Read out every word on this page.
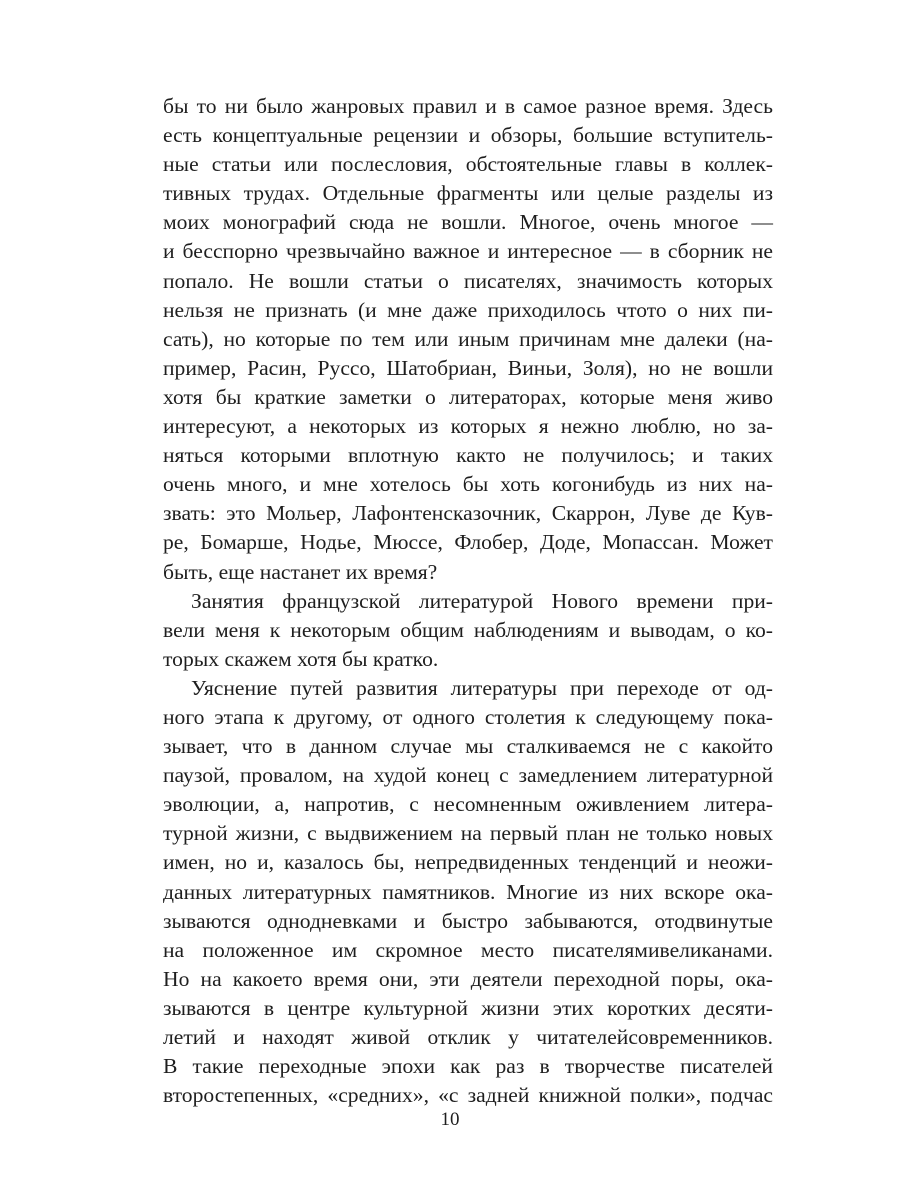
бы то ни было жанровых правил и в самое разное время. Здесь
есть концептуальные рецензии и обзоры, большие вступитель-
ные статьи или послесловия, обстоятельные главы в коллек-
тивных трудах. Отдельные фрагменты или целые разделы из
моих монографий сюда не вошли. Многое, очень многое —
и бесспорно чрезвычайно важное и интересное — в сборник не
попало. Не вошли статьи о писателях, значимость которых
нельзя не признать (и мне даже приходилось чтото о них пи-
сать), но которые по тем или иным причинам мне далеки (на-
пример, Расин, Руссо, Шатобриан, Виньи, Золя), но не вошли
хотя бы краткие заметки о литераторах, которые меня живо
интересуют, а некоторых из которых я нежно люблю, но за-
няться которыми вплотную както не получилось; и таких
очень много, и мне хотелось бы хоть когонибудь из них на-
звать: это Мольер, Лафонтенсказочник, Скаррон, Луве де Кув-
ре, Бомарше, Нодье, Мюссе, Флобер, Доде, Мопассан. Может
быть, еще настанет их время?

Занятия французской литературой Нового времени при-
вели меня к некоторым общим наблюдениям и выводам, о ко-
торых скажем хотя бы кратко.

Уяснение путей развития литературы при переходе от од-
ного этапа к другому, от одного столетия к следующему пока-
зывает, что в данном случае мы сталкиваемся не с какойто
паузой, провалом, на худой конец с замедлением литературной
эволюции, а, напротив, с несомненным оживлением литера-
турной жизни, с выдвижением на первый план не только новых
имен, но и, казалось бы, непредвиденных тенденций и неожи-
данных литературных памятников. Многие из них вскоре ока-
зываются однодневками и быстро забываются, отодвинутые
на положенное им скромное место писателямивеликанами.
Но на какоето время они, эти деятели переходной поры, ока-
зываются в центре культурной жизни этих коротких десяти-
летий и находят живой отклик у читателейсовременников.
В такие переходные эпохи как раз в творчестве писателей
второстепенных, «средних», «с задней книжной полки», подчас

10
